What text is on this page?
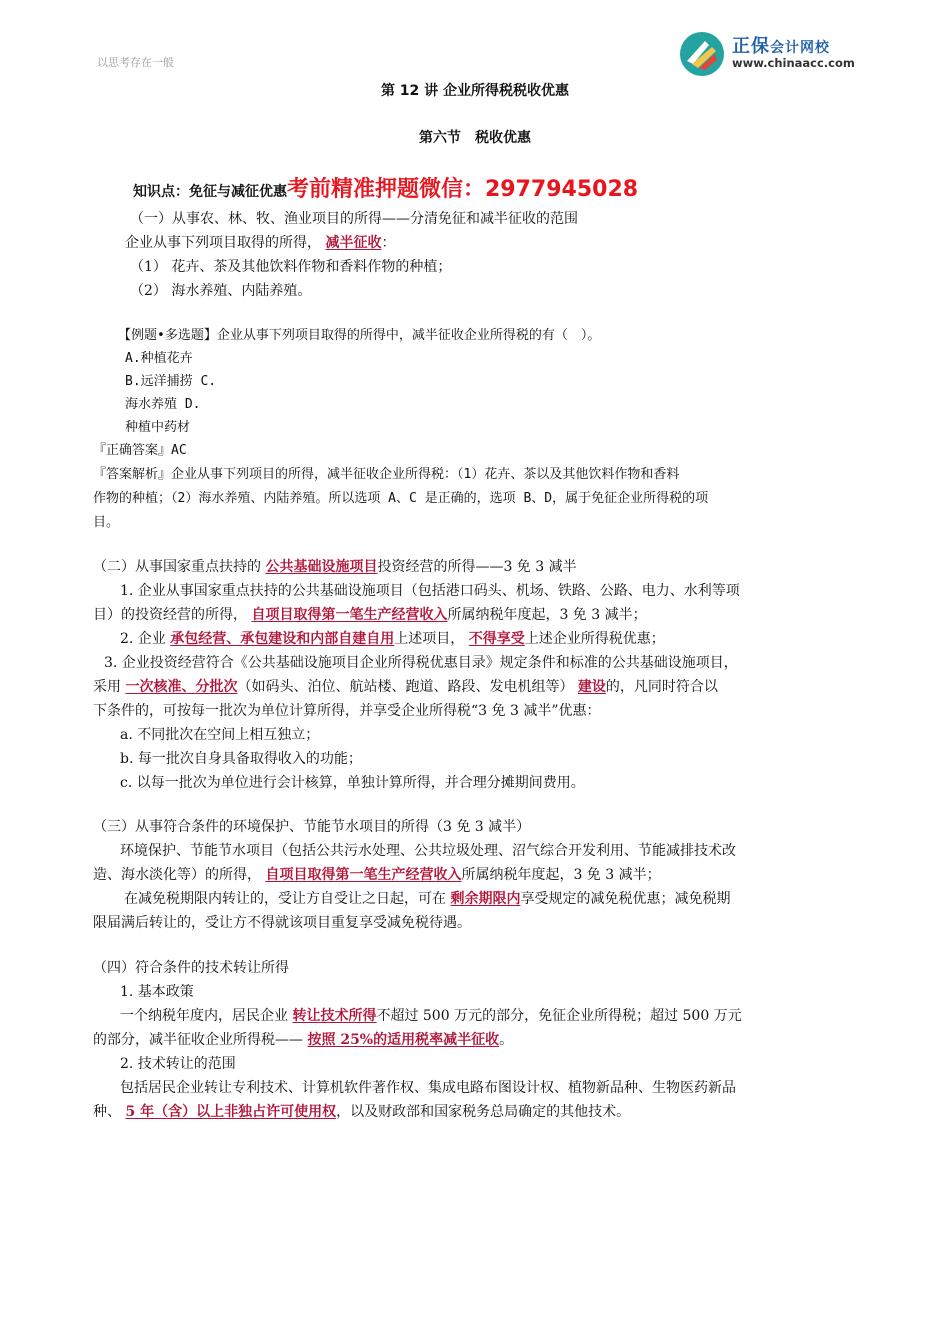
以思考存在一般
正保会计网校
www.chinaacc.com
第 12 讲 企业所得税税收优惠
第六节　税收优惠
知识点：免征与减征优惠考前精准押题微信：2977945028
（一）从事农、林、牧、渔业项目的所得——分清免征和减半征收的范围
企业从事下列项目取得的所得， 减半征收：
（1） 花卉、茶及其他饮料作物和香料作物的种植；
（2） 海水养殖、内陆养殖。
【例题•多选题】企业从事下列项目取得的所得中，减半征收企业所得税的有（　）。
A.种植花卉
B.远洋捕捞 C.
海水养殖 D.
种植中药材
『正确答案』AC
『答案解析』企业从事下列项目的所得，减半征收企业所得税：（1）花卉、茶以及其他饮料作物和香料
作物的种植；（2）海水养殖、内陆养殖。所以选项 A、C 是正确的，选项 B、D，属于免征企业所得税的项
目。
（二）从事国家重点扶持的 公共基础设施项目投资经营的所得——3 免 3 减半
1. 企业从事国家重点扶持的公共基础设施项目（包括港口码头、机场、铁路、公路、电力、水利等项
目）的投资经营的所得， 自项目取得第一笔生产经营收入所属纳税年度起，3 免 3 减半；
2. 企业 承包经营、承包建设和内部自建自用上述项目， 不得享受上述企业所得税优惠；
3. 企业投资经营符合《公共基础设施项目企业所得税优惠目录》规定条件和标准的公共基础设施项目，
采用 一次核准、分批次（如码头、泊位、航站楼、跑道、路段、发电机组等） 建设的，凡同时符合以
下条件的，可按每一批次为单位计算所得，并享受企业所得税“3 免 3 减半”优惠：
a. 不同批次在空间上相互独立；
b. 每一批次自身具备取得收入的功能；
c. 以每一批次为单位进行会计核算，单独计算所得，并合理分摊期间费用。
（三）从事符合条件的环境保护、节能节水项目的所得（3 免 3 减半）
环境保护、节能节水项目（包括公共污水处理、公共垃圾处理、沼气综合开发利用、节能减排技术改
造、海水淡化等）的所得， 自项目取得第一笔生产经营收入所属纳税年度起，3 免 3 减半；
在减免税期限内转让的，受让方自受让之日起，可在 剩余期限内享受规定的减免税优惠；减免税期
限届满后转让的，受让方不得就该项目重复享受减免税待遇。
（四）符合条件的技术转让所得
1. 基本政策
一个纳税年度内，居民企业 转让技术所得不超过 500 万元的部分，免征企业所得税；超过 500 万元
的部分，减半征收企业所得税—— 按照 25%的适用税率减半征收。
2. 技术转让的范围
包括居民企业转让专利技术、计算机软件著作权、集成电路布图设计权、植物新品种、生物医药新品
种、 5 年（含）以上非独占许可使用权，以及财政部和国家税务总局确定的其他技术。
